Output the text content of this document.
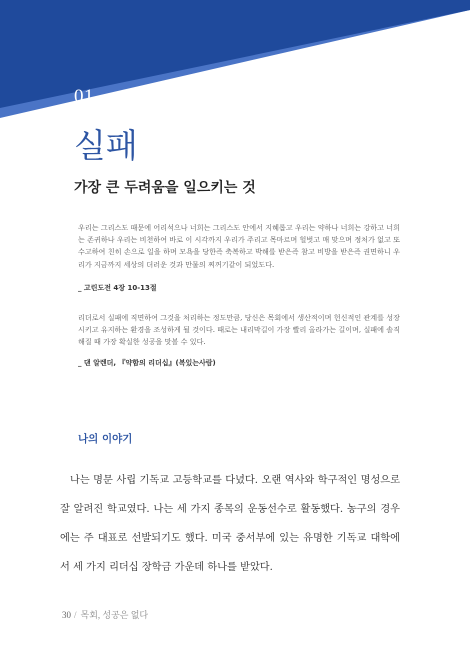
01
실패
가장 큰 두려움을 일으키는 것

우리는 그리스도 때문에 어리석으나 너희는 그리스도 안에서 지혜롭고 우리는 약하나 너희는 강하고 너희는 존귀하나 우리는 비천하여 바로 이 시각까지 우리가 주리고 목마르며 헐벗고 매 맞으며 정처가 없고 또 수고하여 친히 손으로 일을 하며 모욕을 당한즉 축복하고 박해를 받은즉 참고 비방을 받은즉 권면하니 우리가 지금까지 세상의 더러운 것과 만물의 찌꺼기같이 되었도다.

_ 고린도전 4장 10-13절

리더로서 실패에 직면하여 그것을 처리하는 정도만큼, 당신은 목회에서 생산적이며 헌신적인 관계를 성장시키고 유지하는 환경을 조성하게 될 것이다. 때로는 내리막길이 가장 빨리 올라가는 길이며, 실패에 솔직해질 때 가장 확실한 성공을 맛볼 수 있다.

_ 댄 알렌더, 『약함의 리더십』(복있는사람)
나의 이야기

나는 명문 사립 기독교 고등학교를 다녔다. 오랜 역사와 학구적인 명성으로 잘 알려진 학교였다. 나는 세 가지 종목의 운동선수로 활동했다. 농구의 경우에는 주 대표로 선발되기도 했다. 미국 중서부에 있는 유명한 기독교 대학에서 세 가지 리더십 장학금 가운데 하나를 받았다.

30 / 목회, 성공은 없다
